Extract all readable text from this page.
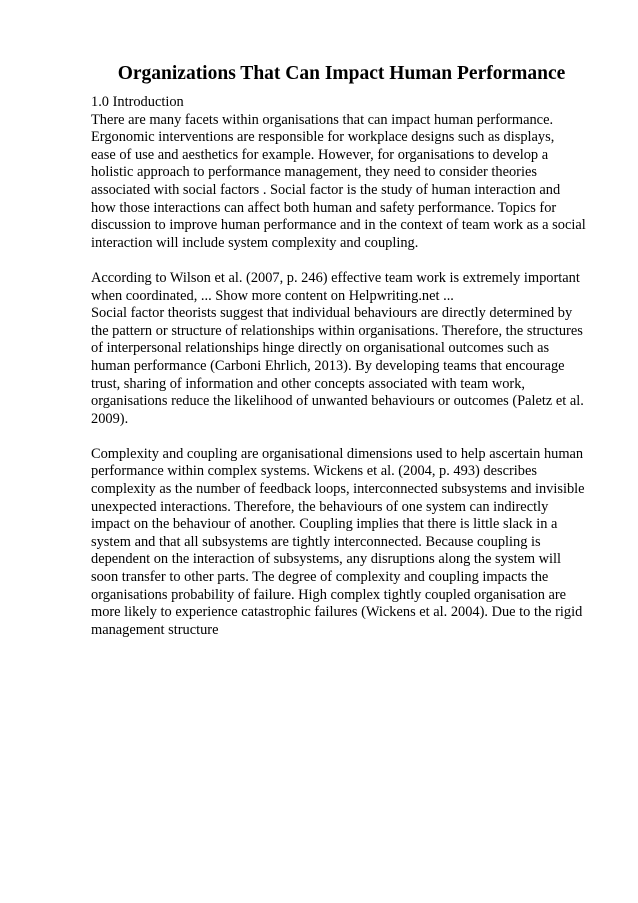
Organizations That Can Impact Human Performance
1.0 Introduction
There are many facets within organisations that can impact human performance.
Ergonomic interventions are responsible for workplace designs such as displays,
ease of use and aesthetics for example. However, for organisations to develop a
holistic approach to performance management, they need to consider theories
associated with social factors . Social factor is the study of human interaction and
how those interactions can affect both human and safety performance. Topics for
discussion to improve human performance and in the context of team work as a social
interaction will include system complexity and coupling.
According to Wilson et al. (2007, p. 246) effective team work is extremely important
when coordinated, ... Show more content on Helpwriting.net ...
Social factor theorists suggest that individual behaviours are directly determined by
the pattern or structure of relationships within organisations. Therefore, the structures
of interpersonal relationships hinge directly on organisational outcomes such as
human performance (Carboni Ehrlich, 2013). By developing teams that encourage
trust, sharing of information and other concepts associated with team work,
organisations reduce the likelihood of unwanted behaviours or outcomes (Paletz et al.
2009).
Complexity and coupling are organisational dimensions used to help ascertain human
performance within complex systems. Wickens et al. (2004, p. 493) describes
complexity as the number of feedback loops, interconnected subsystems and invisible
unexpected interactions. Therefore, the behaviours of one system can indirectly
impact on the behaviour of another. Coupling implies that there is little slack in a
system and that all subsystems are tightly interconnected. Because coupling is
dependent on the interaction of subsystems, any disruptions along the system will
soon transfer to other parts. The degree of complexity and coupling impacts the
organisations probability of failure. High complex tightly coupled organisation are
more likely to experience catastrophic failures (Wickens et al. 2004). Due to the rigid
management structure
